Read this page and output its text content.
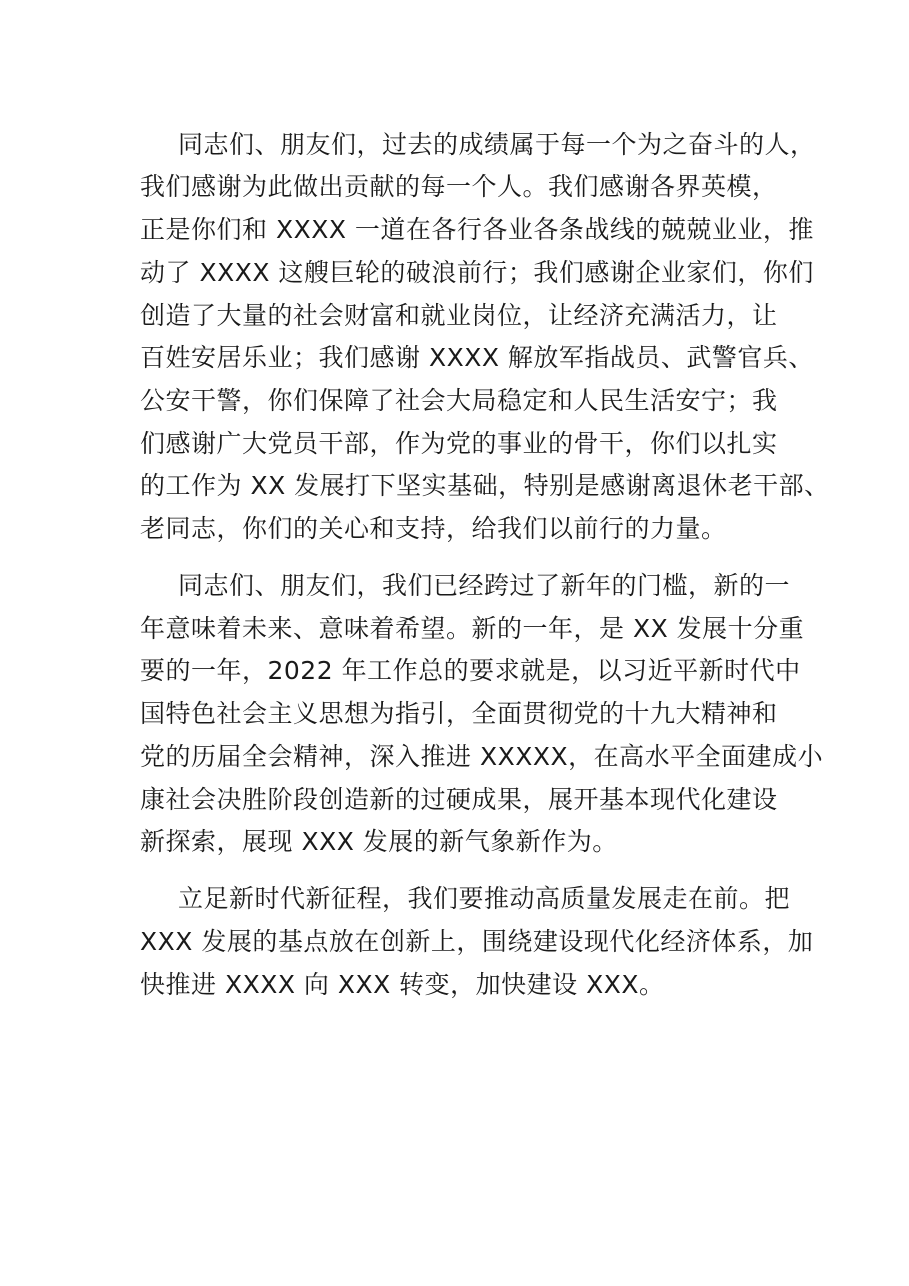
同志们、朋友们，过去的成绩属于每一个为之奋斗的人，
我们感谢为此做出贡献的每一个人。我们感谢各界英模，
正是你们和 XXXX 一道在各行各业各条战线的兢兢业业，推
动了 XXXX 这艘巨轮的破浪前行；我们感谢企业家们，你们
创造了大量的社会财富和就业岗位，让经济充满活力，让
百姓安居乐业；我们感谢 XXXX 解放军指战员、武警官兵、
公安干警，你们保障了社会大局稳定和人民生活安宁；我
们感谢广大党员干部，作为党的事业的骨干，你们以扎实
的工作为 XX 发展打下坚实基础，特别是感谢离退休老干部、
老同志，你们的关心和支持，给我们以前行的力量。
同志们、朋友们，我们已经跨过了新年的门槛，新的一
年意味着未来、意味着希望。新的一年，是 XX 发展十分重
要的一年，2022 年工作总的要求就是，以习近平新时代中
国特色社会主义思想为指引，全面贯彻党的十九大精神和
党的历届全会精神，深入推进 XXXXX，在高水平全面建成小
康社会决胜阶段创造新的过硬成果，展开基本现代化建设
新探索，展现 XXX 发展的新气象新作为。
立足新时代新征程，我们要推动高质量发展走在前。把
XXX 发展的基点放在创新上，围绕建设现代化经济体系，加
快推进 XXXX 向 XXX 转变，加快建设 XXX。
